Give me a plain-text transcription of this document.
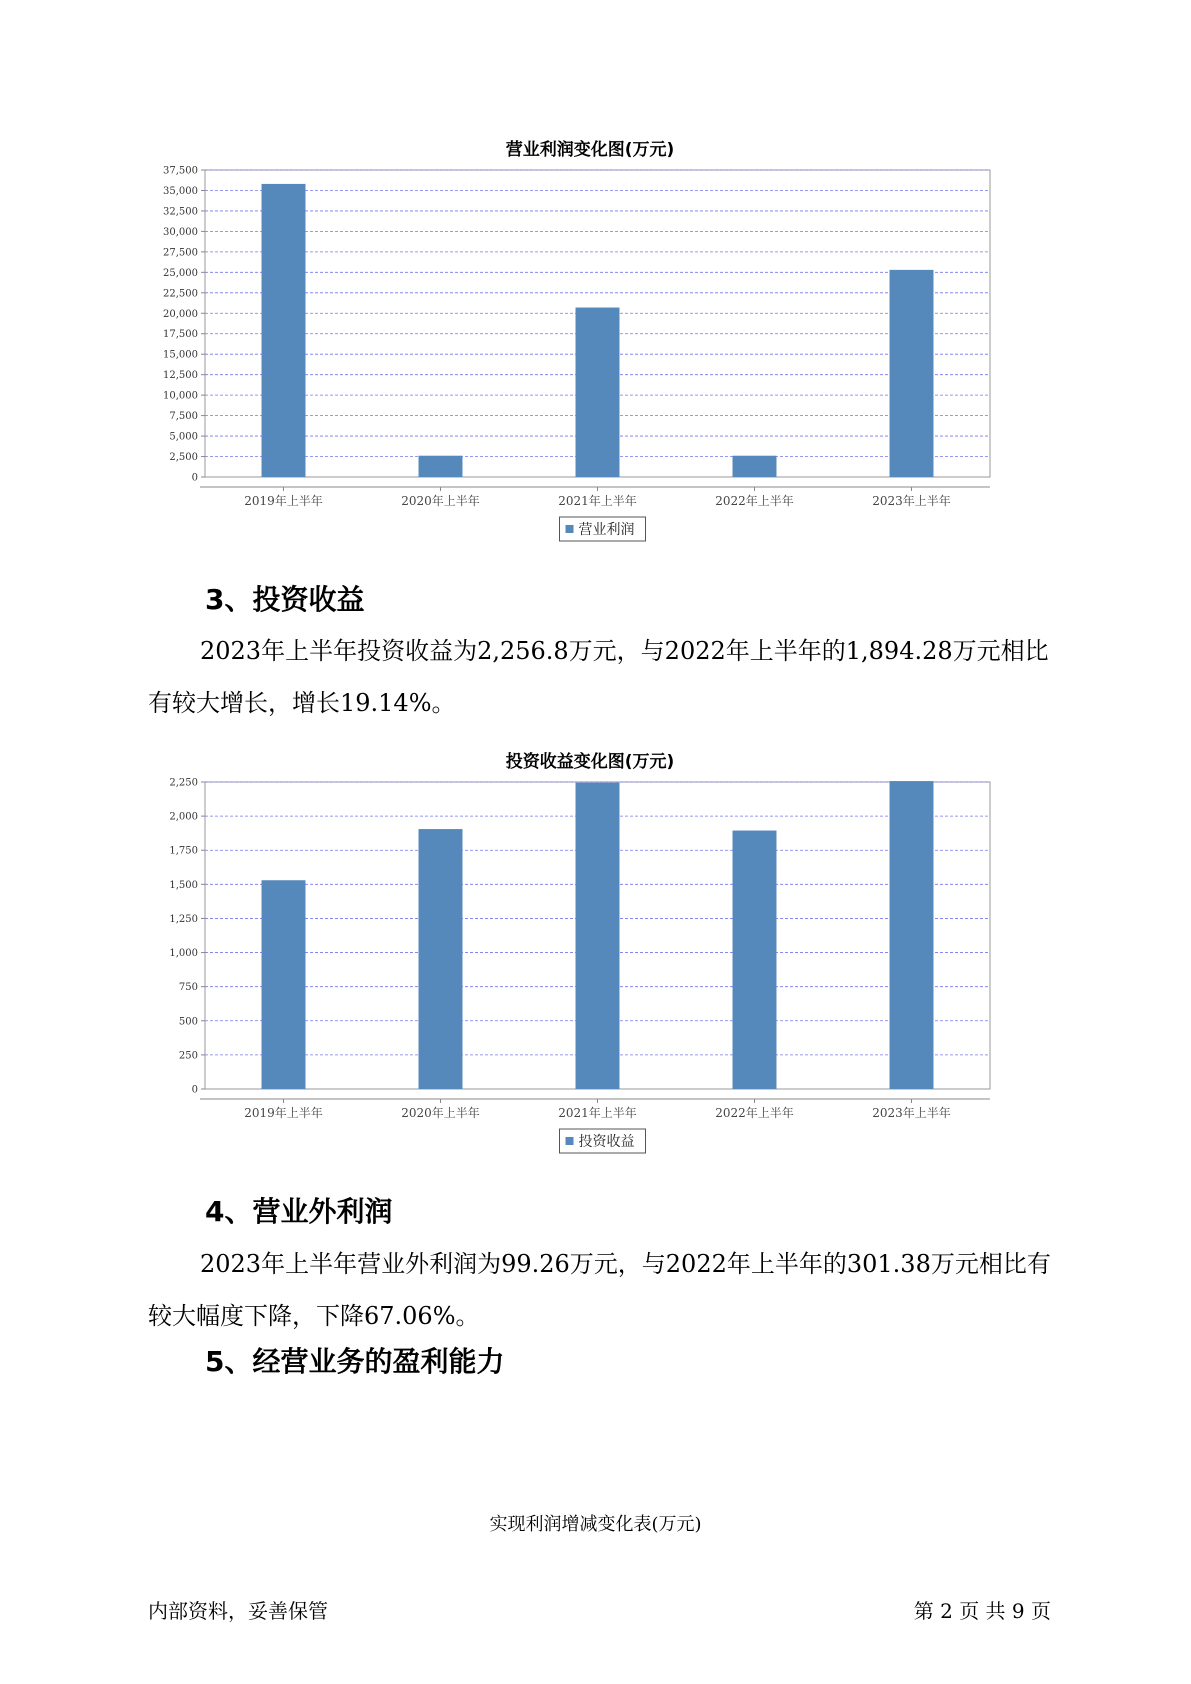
营业利润变化图(万元)
0
2,500
5,000
7,500
10,000
12,500
15,000
17,500
20,000
22,500
25,000
27,500
30,000
32,500
35,000
37,500
2019年上半年	2020年上半年	2021年上半年	2022年上半年	2023年上半年
营业利润
3、投资收益

2023年上半年投资收益为2,256.8万元，与2022年上半年的1,894.28万元相比有较大增长，增长19.14%。

投资收益变化图(万元)
0
250
500
750
1,000
1,250
1,500
1,750
2,000
2,250
2019年上半年	2020年上半年	2021年上半年	2022年上半年	2023年上半年
投资收益
4、营业外利润

2023年上半年营业外利润为99.26万元，与2022年上半年的301.38万元相比有较大幅度下降，下降67.06%。

5、经营业务的盈利能力
实现利润增减变化表(万元)
内部资料，妥善保管	第 2 页 共 9 页
